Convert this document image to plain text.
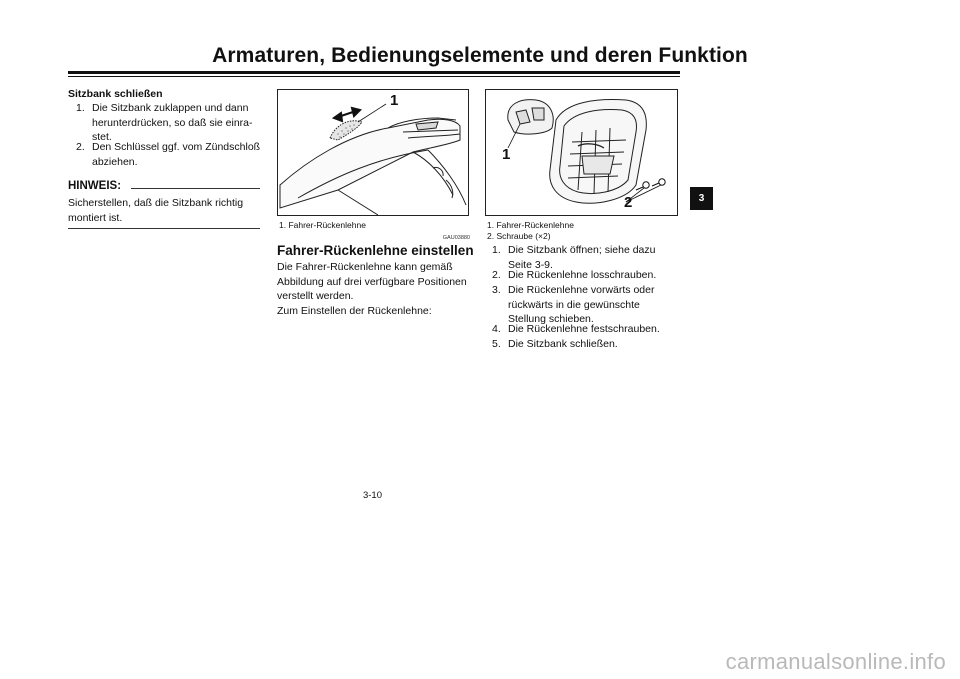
Armaturen, Bedienungselemente und deren Funktion
Sitzbank schließen
1. Die Sitzbank zuklappen und dann
herunterdrücken, so daß sie einra-
stet.
2. Den Schlüssel ggf. vom Zündschloß
abziehen.
HINWEIS:
Sicherstellen, daß die Sitzbank richtig
montiert ist.
1
1. Fahrer-Rückenlehne
GAU03880
Fahrer-Rückenlehne einstellen
Die Fahrer-Rückenlehne kann gemäß
Abbildung auf drei verfügbare Positionen
verstellt werden.
Zum Einstellen der Rückenlehne:
1
2
1. Fahrer-Rückenlehne
2. Schraube (×2)
1. Die Sitzbank öffnen; siehe dazu
Seite 3-9.
2. Die Rückenlehne losschrauben.
3. Die Rückenlehne vorwärts oder
rückwärts in die gewünschte
Stellung schieben.
4. Die Rückenlehne festschrauben.
5. Die Sitzbank schließen.
3
3-10
carmanualsonline.info
